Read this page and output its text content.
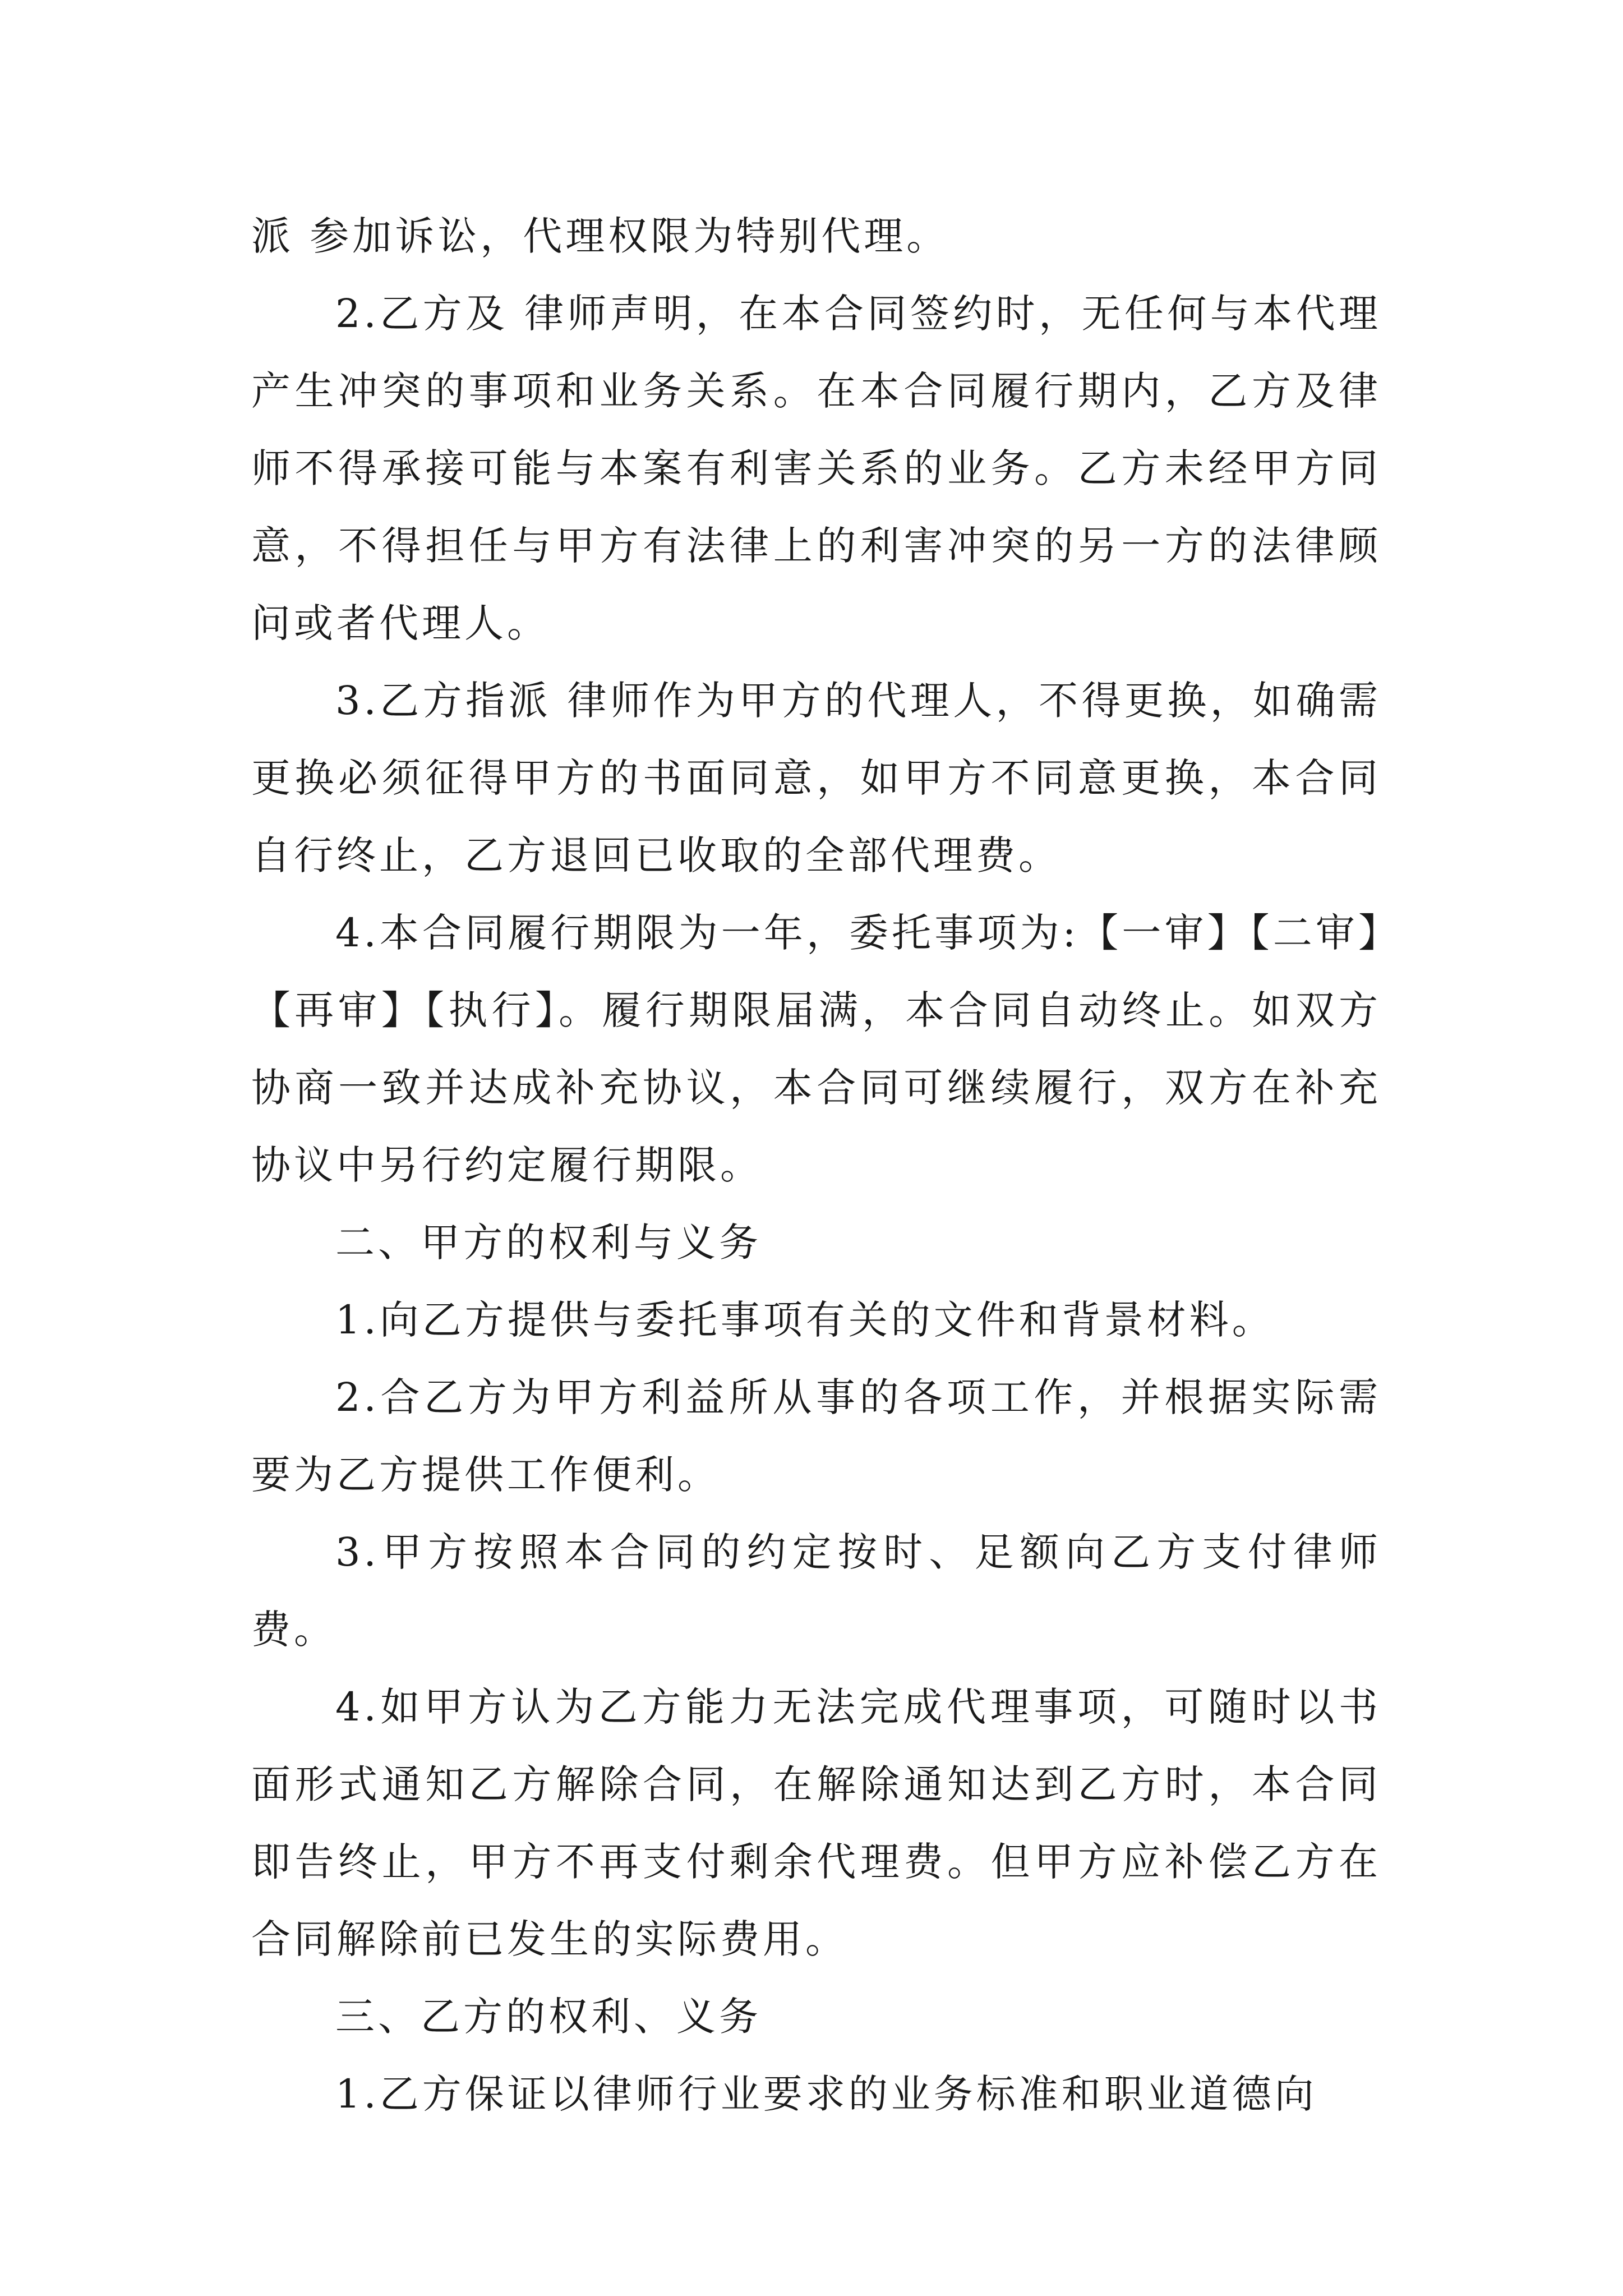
派 参加诉讼，代理权限为特别代理。

2.乙方及 律师声明，在本合同签约时，无任何与本代理产生冲突的事项和业务关系。在本合同履行期内，乙方及律师不得承接可能与本案有利害关系的业务。乙方未经甲方同意，不得担任与甲方有法律上的利害冲突的另一方的法律顾问或者代理人。

3.乙方指派 律师作为甲方的代理人，不得更换，如确需更换必须征得甲方的书面同意，如甲方不同意更换，本合同自行终止，乙方退回已收取的全部代理费。

4.本合同履行期限为一年，委托事项为:【一审】【二审】【再审】【执行】。履行期限届满，本合同自动终止。如双方协商一致并达成补充协议，本合同可继续履行，双方在补充协议中另行约定履行期限。

二、甲方的权利与义务

1.向乙方提供与委托事项有关的文件和背景材料。

2.合乙方为甲方利益所从事的各项工作，并根据实际需要为乙方提供工作便利。

3.甲方按照本合同的约定按时、足额向乙方支付律师费。

4.如甲方认为乙方能力无法完成代理事项，可随时以书面形式通知乙方解除合同，在解除通知达到乙方时，本合同即告终止，甲方不再支付剩余代理费。但甲方应补偿乙方在合同解除前已发生的实际费用。

三、乙方的权利、义务

1.乙方保证以律师行业要求的业务标准和职业道德向
